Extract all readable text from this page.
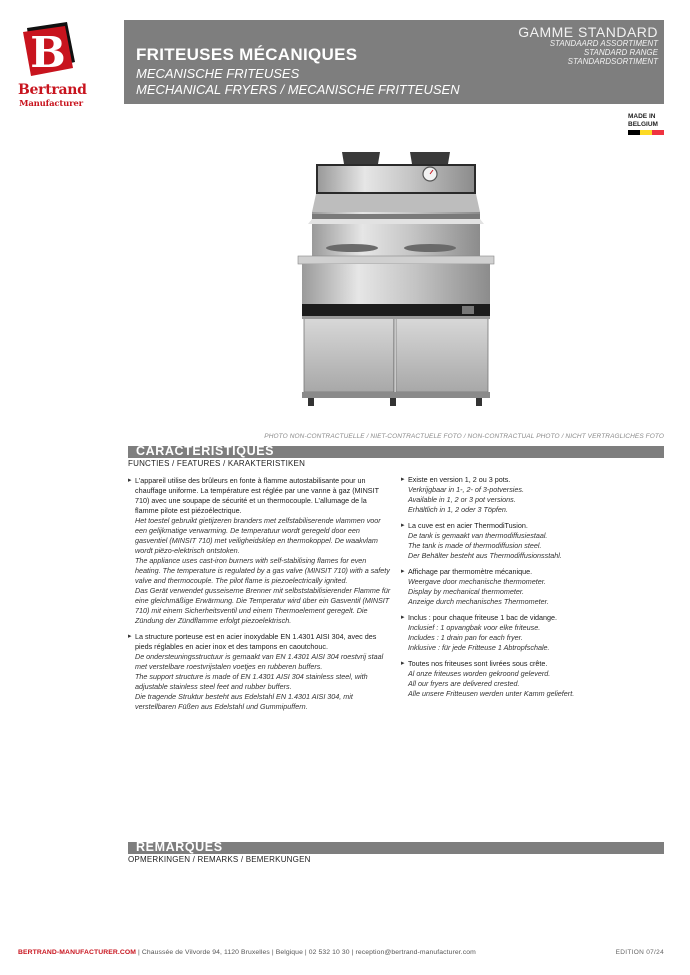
B
Bertrand
Manufacturer
FRITEUSES MÉCANIQUES
MECANISCHE FRITEUSES
MECHANICAL FRYERS / MECANISCHE FRITTEUSEN
GAMME STANDARD
STANDAARD ASSORTIMENT
STANDARD RANGE
STANDARDSORTIMENT
MADE IN
BELGIUM
PHOTO NON-CONTRACTUELLE / NIET-CONTRACTUELE FOTO / NON-CONTRACTUAL PHOTO / NICHT VERTRAGLICHES FOTO
CARACTÉRISTIQUES
FUNCTIES / FEATURES / KARAKTERISTIKEN
▸ L’appareil utilise des brûleurs en fonte à flamme autostabilisante pour un chauffage uniforme. La température est réglée par une vanne à gaz (MINSIT 710) avec une soupape de sécurité et un thermocouple. L’allumage de la flamme pilote est piézoélectrique.
Het toestel gebruikt gietijzeren branders met zelfstabiliserende vlammen voor een gelijkmatige verwarming. De temperatuur wordt geregeld door een gasventiel (MINSIT 710) met veiligheidsklep en thermokoppel. De waakvlam wordt piëzo-elektrisch ontstoken.
The appliance uses cast-iron burners with self-stabilising flames for even heating. The temperature is regulated by a gas valve (MINSIT 710) with a safety valve and thermocouple. The pilot flame is piezoelectrically ignited.
Das Gerät verwendet gusseiserne Brenner mit selbststabilisierender Flamme für eine gleichmäßige Erwärmung. Die Temperatur wird über ein Gasventil (MINSIT 710) mit einem Sicherheitsventil und einem Thermoelement geregelt. Die Zündung der Zündflamme erfolgt piezoelektrisch.
▸ La structure porteuse est en acier inoxydable EN 1.4301 AISI 304, avec des pieds réglables en acier inox et des tampons en caoutchouc.
De ondersteuningsstructuur is gemaakt van EN 1.4301 AISI 304 roestvrij staal met verstelbare roestvrijstalen voetjes en rubberen buffers.
The support structure is made of EN 1.4301 AISI 304 stainless steel, with adjustable stainless steel feet and rubber buffers.
Die tragende Struktur besteht aus Edelstahl EN 1.4301 AISI 304, mit verstellbaren Füßen aus Edelstahl und Gummipuffern.
▸ Existe en version 1, 2 ou 3 pots.
Verkrijgbaar in 1-, 2- of 3-potversies.
Available in 1, 2 or 3 pot versions.
Erhältlich in 1, 2 oder 3 Töpfen.
▸ La cuve est en acier ThermodiTusion.
De tank is gemaakt van thermodiffusiestaal.
The tank is made of thermodiffusion steel.
Der Behälter besteht aus Thermodiffusionsstahl.
▸ Affichage par thermomètre mécanique.
Weergave door mechanische thermometer.
Display by mechanical thermometer.
Anzeige durch mechanisches Thermometer.
▸ Inclus : pour chaque friteuse 1 bac de vidange.
Inclusief : 1 opvangbak voor elke friteuse.
Includes : 1 drain pan for each fryer.
Inklusive : für jede Fritteuse 1 Abtropfschale.
▸ Toutes nos friteuses sont livrées sous crête.
Al onze friteuses worden gekroond geleverd.
All our fryers are delivered crested.
Alle unsere Fritteusen werden unter Kamm geliefert.
REMARQUES
OPMERKINGEN / REMARKS / BEMERKUNGEN
BERTRAND-MANUFACTURER.COM | Chaussée de Vilvorde 94, 1120 Bruxelles | Belgique | 02 532 10 30 | reception@bertrand-manufacturer.com	EDITION 07/24
